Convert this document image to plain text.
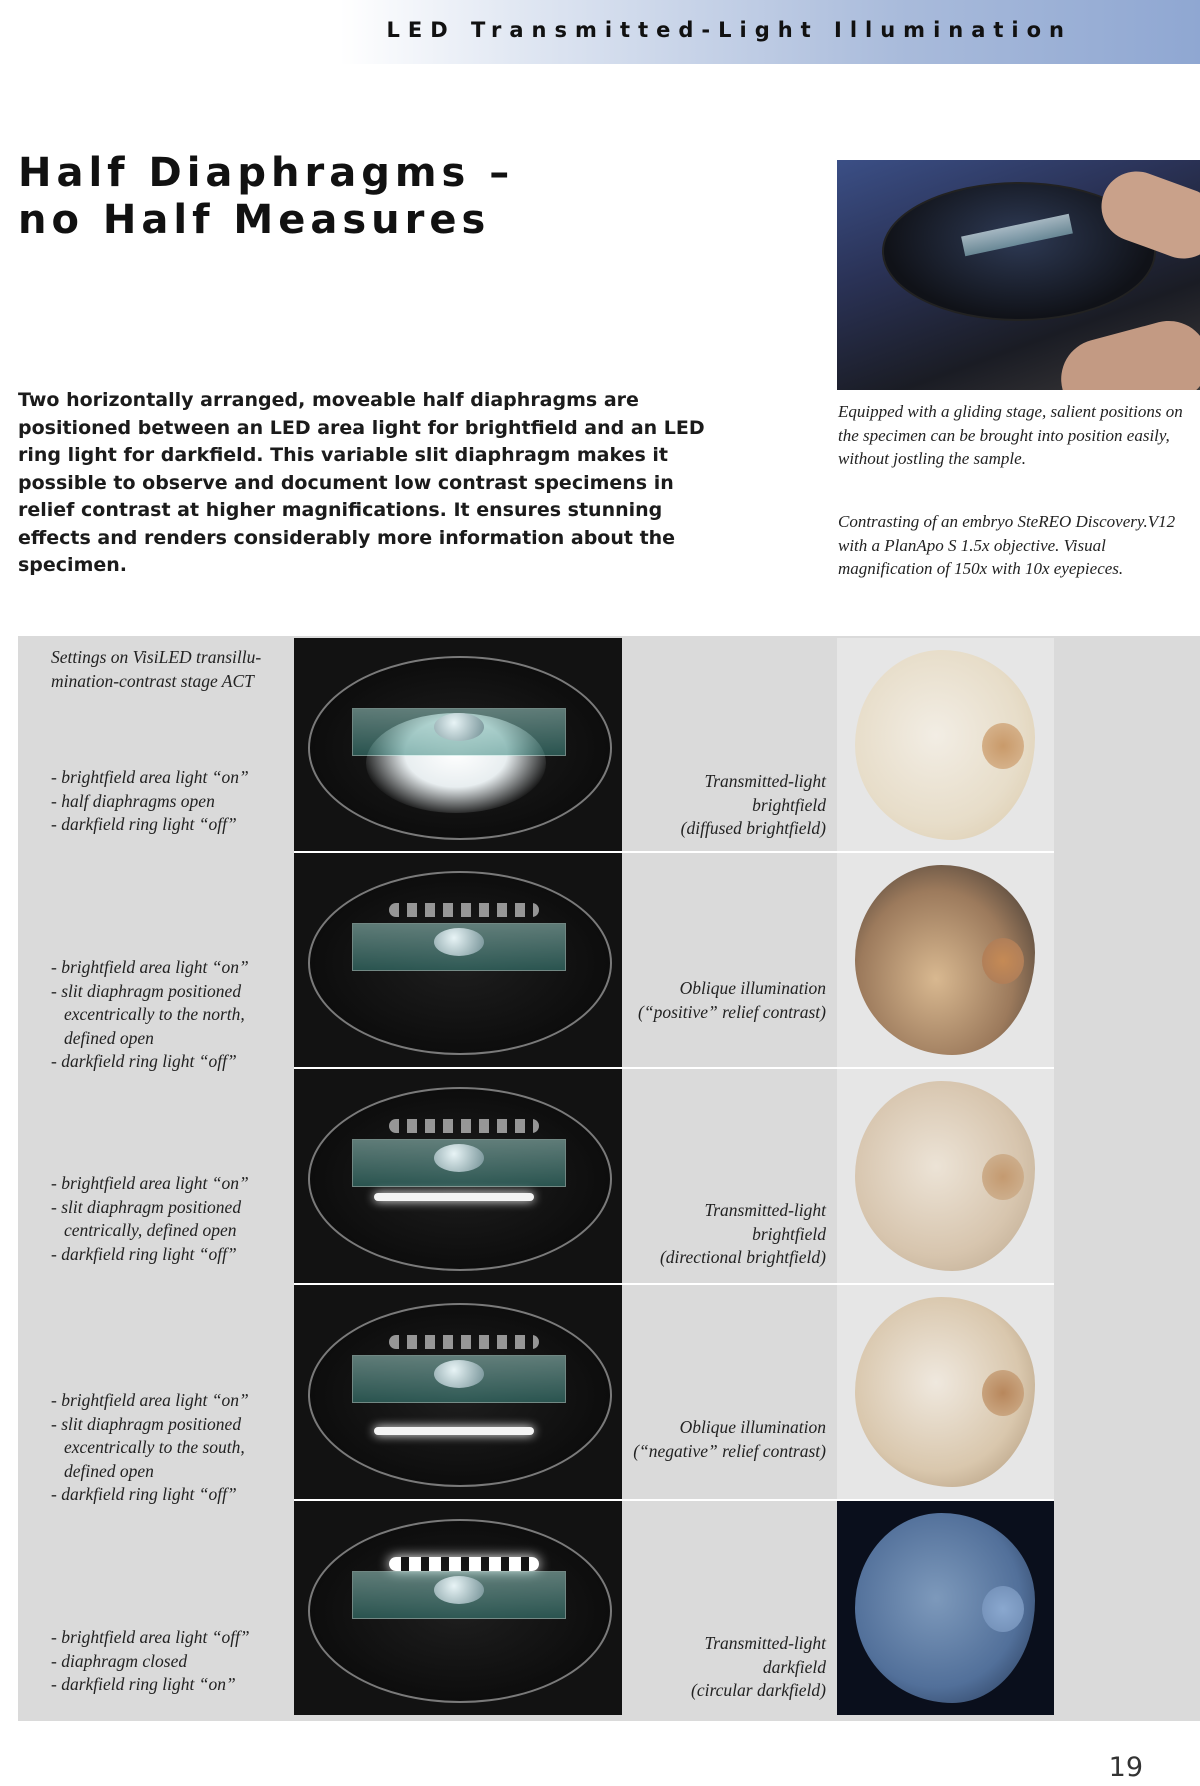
LED Transmitted-Light Illumination
Half Diaphragms –
no Half Measures

Two horizontally arranged, moveable half diaphragms are positioned between an LED area light for brightfield and an LED ring light for darkfield. This variable slit diaphragm makes it possible to observe and document low contrast specimens in relief contrast at higher magnifications. It ensures stunning effects and renders considerably more information about the specimen.

Equipped with a gliding stage, salient positions on the specimen can be brought into position easily, without jostling the sample.

Contrasting of an embryo SteREO Discovery.V12 with a PlanApo S 1.5x objective. Visual magnification of 150x with 10x eyepieces.

Settings on VisiLED transillu-mination-contrast stage ACT

- brightfield area light “on”
- half diaphragms open
- darkfield ring light “off”

Transmitted-light
brightfield
(diffused brightfield)

- brightfield area light “on”
- slit diaphragm positioned excentrically to the north, defined open
- darkfield ring light “off”

Oblique illumination
(“positive” relief contrast)

- brightfield area light “on”
- slit diaphragm positioned centrically, defined open
- darkfield ring light “off”

Transmitted-light
brightfield
(directional brightfield)

- brightfield area light “on”
- slit diaphragm positioned excentrically to the south, defined open
- darkfield ring light “off”

Oblique illumination
(“negative” relief contrast)

- brightfield area light “off”
- diaphragm closed
- darkfield ring light “on”

Transmitted-light
darkfield
(circular darkfield)

19
